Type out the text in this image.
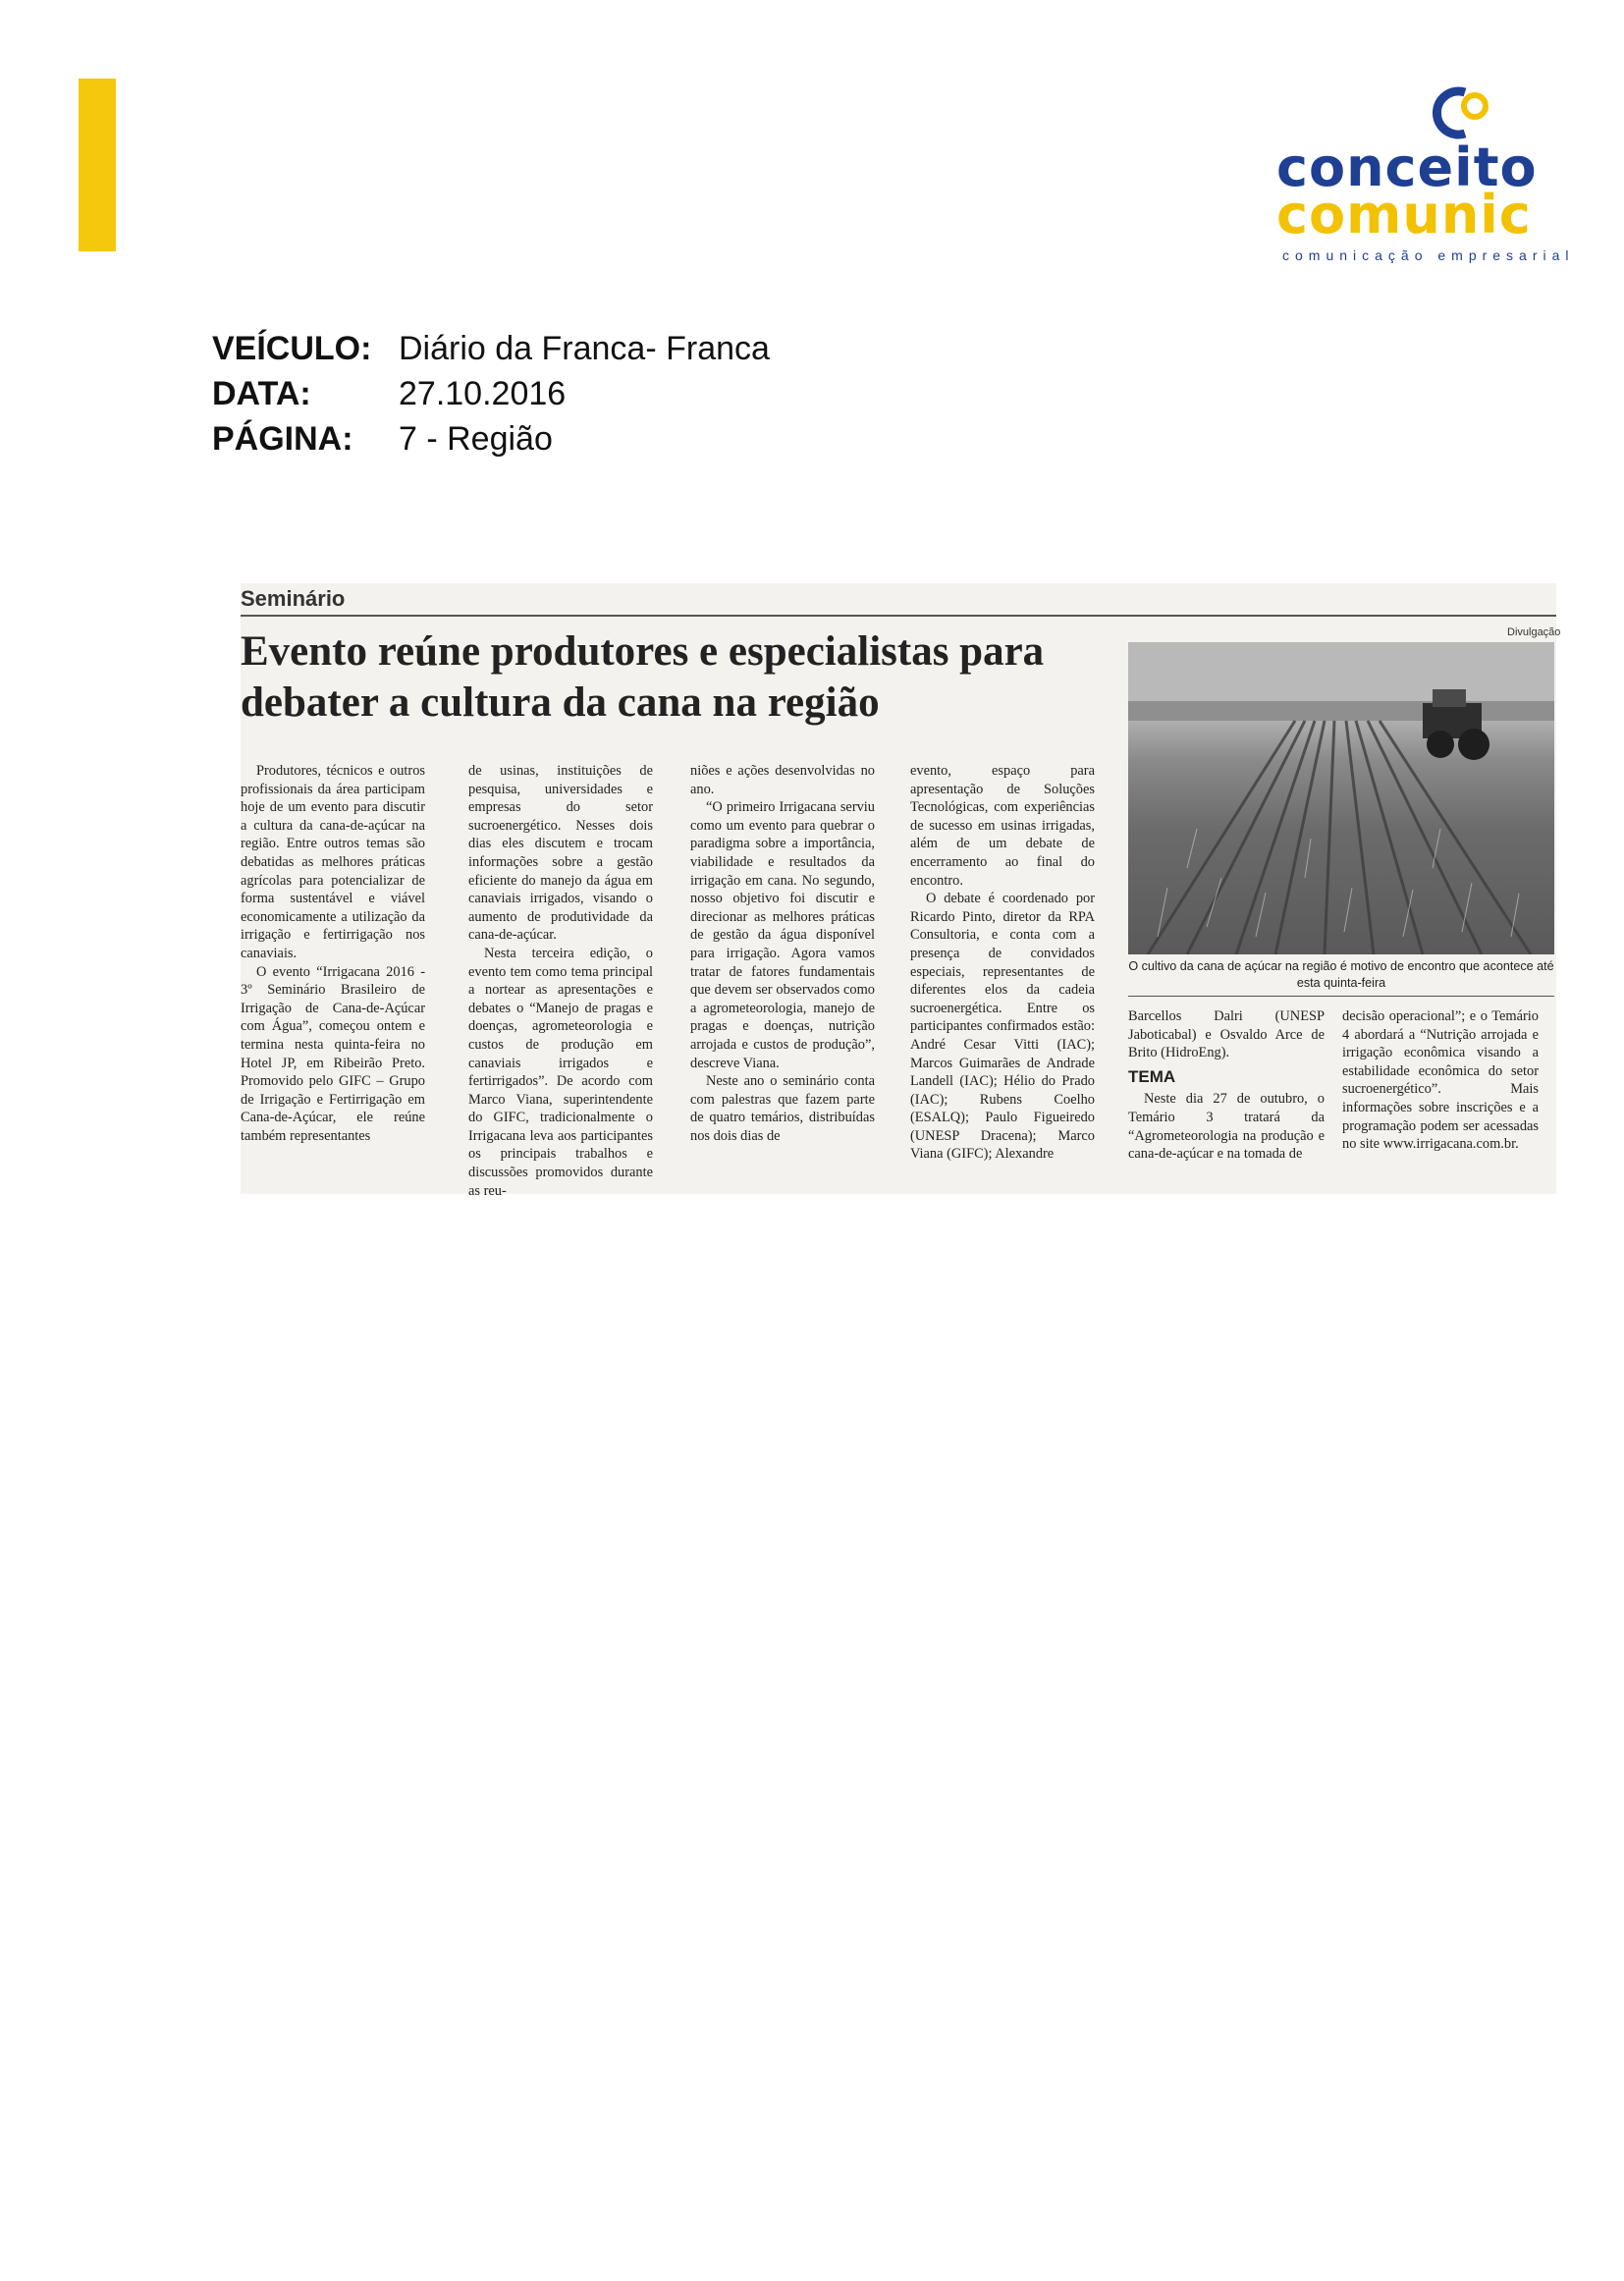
conceito
comunic
comunicação empresarial
VEÍCULO: Diário da Franca- Franca
DATA:	27.10.2016
PÁGINA: 7 - Região
Seminário
Evento reúne produtores e especialistas para debater a cultura da cana na região

Produtores, técnicos e outros profissionais da área participam hoje de um evento para discutir a cultura da cana-de-açúcar na região. Entre outros temas são debatidas as melhores práticas agrícolas para potencializar de forma sustentável e viável economicamente a utilização da irrigação e fertirrigação nos canaviais.

O evento “Irrigacana 2016 - 3º Seminário Brasileiro de Irrigação de Cana-de-Açúcar com Água”, começou ontem e termina nesta quinta-feira no Hotel JP, em Ribeirão Preto. Promovido pelo GIFC – Grupo de Irrigação e Fertirrigação em Cana-de-Açúcar, ele reúne também representantes

de usinas, instituições de pesquisa, universidades e empresas do setor sucroenergético. Nesses dois dias eles discutem e trocam informações sobre a gestão eficiente do manejo da água em canaviais irrigados, visando o aumento de produtividade da cana-de-açúcar.

Nesta terceira edição, o evento tem como tema principal a nortear as apresentações e debates o “Manejo de pragas e doenças, agrometeorologia e custos de produção em canaviais irrigados e fertirrigados”. De acordo com Marco Viana, superintendente do GIFC, tradicionalmente o Irrigacana leva aos participantes os principais trabalhos e discussões promovidos durante as reu-

niões e ações desenvolvidas no ano.

“O primeiro Irrigacana serviu como um evento para quebrar o paradigma sobre a importância, viabilidade e resultados da irrigação em cana. No segundo, nosso objetivo foi discutir e direcionar as melhores práticas de gestão da água disponível para irrigação. Agora vamos tratar de fatores fundamentais que devem ser observados como a agrometeorologia, manejo de pragas e doenças, nutrição arrojada e custos de produção”, descreve Viana.

Neste ano o seminário conta com palestras que fazem parte de quatro temários, distribuídas nos dois dias de

evento, espaço para apresentação de Soluções Tecnológicas, com experiências de sucesso em usinas irrigadas, além de um debate de encerramento ao final do encontro.

O debate é coordenado por Ricardo Pinto, diretor da RPA Consultoria, e conta com a presença de convidados especiais, representantes de diferentes elos da cadeia sucroenergética. Entre os participantes confirmados estão: André Cesar Vitti (IAC); Marcos Guimarães de Andrade Landell (IAC); Hélio do Prado (IAC); Rubens Coelho (ESALQ); Paulo Figueiredo (UNESP Dracena); Marco Viana (GIFC); Alexandre

Divulgação
O cultivo da cana de açúcar na região é motivo de encontro que acontece até esta quinta-feira

Barcellos Dalri (UNESP Jaboticabal) e Osvaldo Arce de Brito (HidroEng).

TEMA

Neste dia 27 de outubro, o Temário 3 tratará da “Agrometeorologia na produção e cana-de-açúcar e na tomada de

decisão operacional”; e o Temário 4 abordará a “Nutrição arrojada e irrigação econômica visando a estabilidade econômica do setor sucroenergético”. Mais informações sobre inscrições e a programação podem ser acessadas no site www.irrigacana.com.br.
